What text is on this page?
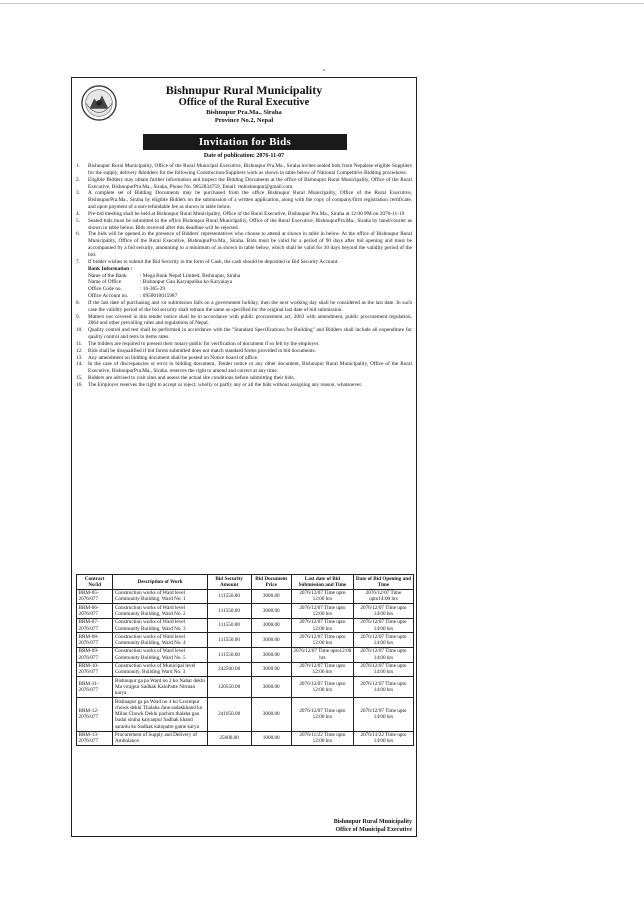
Bishnupur Rural Municipality
Office of the Rural Executive
Bishnupur Pra.Ma., Siraha
Province No.2, Nepal
Invitation for Bids
Date of publication: 2076-11-07
1.	Bishnupur Rural Municipality, Office of the Rural Municipal Executive, Bishnupur Pra.Ma., Siraha invites sealed bids from Nepalese eligible Suppliers for the supply, delivery &bidders for the following Construction/Suppliers work as shown in table below of National Competitive Bidding procedures.
2.	Eligible Bidders may obtain further information and inspect the Bidding Documents at the office of Bishnupur Rural Municipality, Office of the Rural Executive, BishnupurPra.Ma., Siraha, Phone No. 9852834759, Email: rmbishnupur@gmail.com.
3.	A complete set of Bidding Documents may be purchased from the office Bishnupur Rural Municipality, Office of the Rural Executive, BishnupurPra.Ma., Siraha by eligible Bidders on the submission of a written application, along with the copy of company/firm registration certificate, and upon payment of a non-refundable fee as shown in table below.
4.	Pre-bid meeting shall be held at Bishnupur Rural Municipality, Office of the Rural Executive, Bishnupur Pra.Ma., Siraha at 12:00 PM on 2076-11-19
5.	Sealed bids must be submitted to the office Bishnupur Rural Municipality, Office of the Rural Executive, BishnupurPra.Ma., Siraha by hand/courier as shown in table below. Bids received after this deadline will be rejected.
6.	The bids will be opened in the presence of Bidders' representatives who choose to attend at shown in table in below. At the office of Bishnupur Rural Municipality, Office of the Rural Executive, BishnupurPra.Ma., Siraha. Bids must be valid for a period of 90 days after bid opening and must be accompanied by a bid security, amounting to a minimum of as shown in table below, which shall be valid for 30 days beyond the validity period of the bid.
7.	If bidder wishes to submit the Bid Security in the form of Cash, the cash should be deposited in Bid Security Account.
Bank Information :
Name of the Bank	: Mega Bank Nepal Limited, Bishnupur, Siraha
Name of Office	: Bishnupur Gau Karyapalika ko Karyalaya
Office Code no.	: 16-365-29
Office Account no.	: 0950010015987
8.	If the last date of purchasing and /or submission falls on a government holiday, then the next working day shall be considered as the last date. In such case the validity period of the bid security shall remain the same as specified for the original last date of bid submission.
9.	Matters not covered in this tender notice shall be in accordance with public procurement act, 2063 with amendment, public procurement regulation, 2064 and other prevailing rules and regulations of Nepal.
10.	Quality control and test shall be performed in accordance with the "Standard Specifications for Building" and Bidders shall include all expenditure for quality control and tests in items rates.
11.	The bidders are required to present their notary public for verification of document if so felt by the employer.
12.	Bids shall be disqualified if bid forms submitted does not match standard forms provided in bid documents.
13.	Any amendment on bidding document shall be posted on Notice board of office.
14.	In the case of discrepancies or error in bidding document, Tender notice or any other document, Bishnupur Rural Municipality, Office of the Rural Executive, BishnupurPra.Ma., Siraha. reserves the right to amend and correct at any time.
15.	Bidders are advised to visit sites and assess the actual site conditions before submitting their bids.
16.	The Employer reserves the right to accept or reject, wholly or partly any or all the bids without assigning any reason, whatsoever.
Contract No/Id	Description of Work	Bid Security Amount	Bid Document Price	Last date of Bid Submission and Time	Date of Bid Opening and Time
BRM-05-2076/077	Construction works of Ward level Community Building, Ward No. 1	111550.00	3000.00	2076/12/07 Time upto 12:00 hrs	2076/12/07 Time upto14:00 hrs
BRM-06-2076/077	Construction works of Ward level Community Building, Ward No. 2	111550.00	3000.00	2076/12/07 Time upto 12:00 hrs	2076/12/07 Time upto 14:00 hrs
BRM-07-2076/077	Construction works of Ward level Community Building, Ward No. 3	111550.00	3000.00	2076/12/07 Time upto 12:00 hrs	2076/12/07 Time upto 14:00 hrs
BRM-08-2076/077	Construction works of Ward level Community Building, Ward No. 4	111550.00	3000.00	2076/12/07 Time upto 12:00 hrs	2076/12/07 Time upto 14:00 hrs
BRM-09-2076/077	Construction works of Ward level Community Building, Ward No. 5	111550.00	3000.00	2076/12/07 Time upto12:00 hrs	2076/12/07 Time upto 14:00 hrs
BRM-10-2076/077	Construction works of Municipal level Community, Building Ward No. 3	242500.00	3000.00	2076/12/07 Time upto 12:00 hrs	2076/12/07 Time upto 14:00 hrs
BRM-11-2076/077	Bishnupur ga pa Ward no 2 ko Nahar dekhi Ma virajpur Sadhak KaloPatte Nirman karya	120550.00	3000.00	2076/12/07 Time upto 12:00 hrs	2076/12/07 Time upto 14:00 hrs
BRM-12-2076/077	Bishnapur ga pa Ward no 4 ko Laxmipur chowk dekhi Thalaha Jane sadakkhand ko Milan Chowk Dekhi pachim thalaha gau budai siraha kalyanpur Sadhak khand sarantu ko Sadhak kalopatre game karya	241050.00	3000.00	2076/12/07 Time upto 12:00 hrs	2076/12/07 Time upto 14:00 hrs
BRM-13-2076/077	Procurement of Supply and Delivery of Ambulance.	25600.00	1000.00	2076/11/22 Time upto 12:00 hrs	2076/11/22 Time upto 14:00 hrs
Bishnupur Rural Municipality
Office of Municipal Executive
